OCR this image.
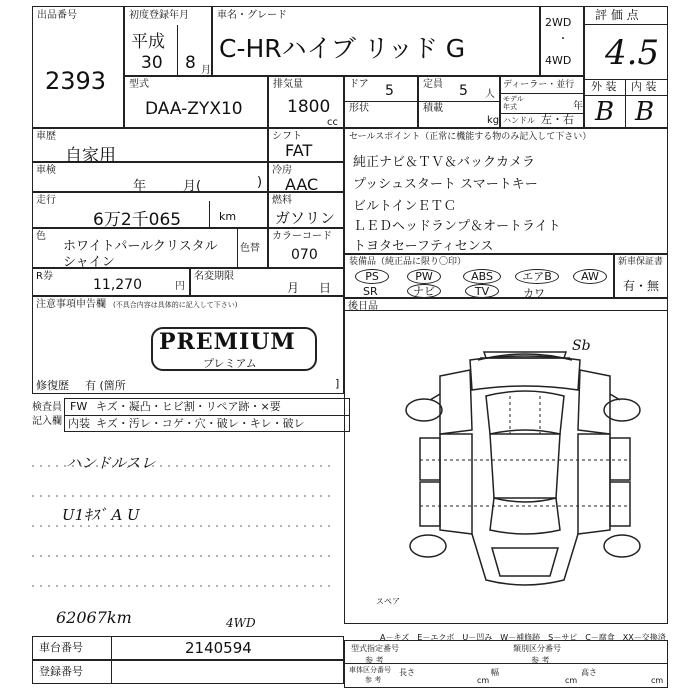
出品番号
2393
初度登録年月
平成
30 8 月
車名・グレード
C-HRハイブ リッド G
2WD
・
4WD
評 価 点
4.5
外 装 内 装
B B
型式
DAA-ZYX10
排気量
1800
cc
ドア 5
形状
定員 5 人
積載
kg
ディーラー・並行
モデル
年式	年
ハンドル 左・右
車歴
自家用
車検
年	月(	)
走行
6万2千065	km
色
ホワイトパールクリスタル
シャイン
色替
シフト
FAT
冷房
AAC
燃料
ガソリン
カラーコード
070
R券
11,270	円
名変期限
月 日
セールスポイント（正常に機能する物のみ記入して下さい）
純正ナビ＆ＴＶ＆バックカメラ
プッシュスタート スマートキー
ビルトインＥＴＣ
ＬＥＤヘッドランプ＆オートライト
トヨタセーフティセンス
装備品（純正品に限り〇印）
PS	PW	ABS	エアB	AW
SR	ナビ	TV	カワ
新車保証書
有・無
注意事項申告欄 (不具合内容は具体的に記入して下さい)
PREMIUM
プレミアム
修復歴 有 (箇所	]
検査員
記入欄
FW キズ・凝凸・ヒビ割・リペア跡・×要
内装 キズ・汚レ・コゲ・穴・破レ・キレ・破レ
ハンドルスレ
U1ｷｽﾞ A U
62067km	4WD
後日品
Sb
スペア
A－キズ　E－エクボ　U－凹み　W－補修跡　S－サビ　C－腐食　XX－交換済
車台番号	2140594
登録番号
型式指定番号
参 考
類別区分番号
参 考
車体区分番号
参 考
長さ
cm
幅
cm
高さ
cm
